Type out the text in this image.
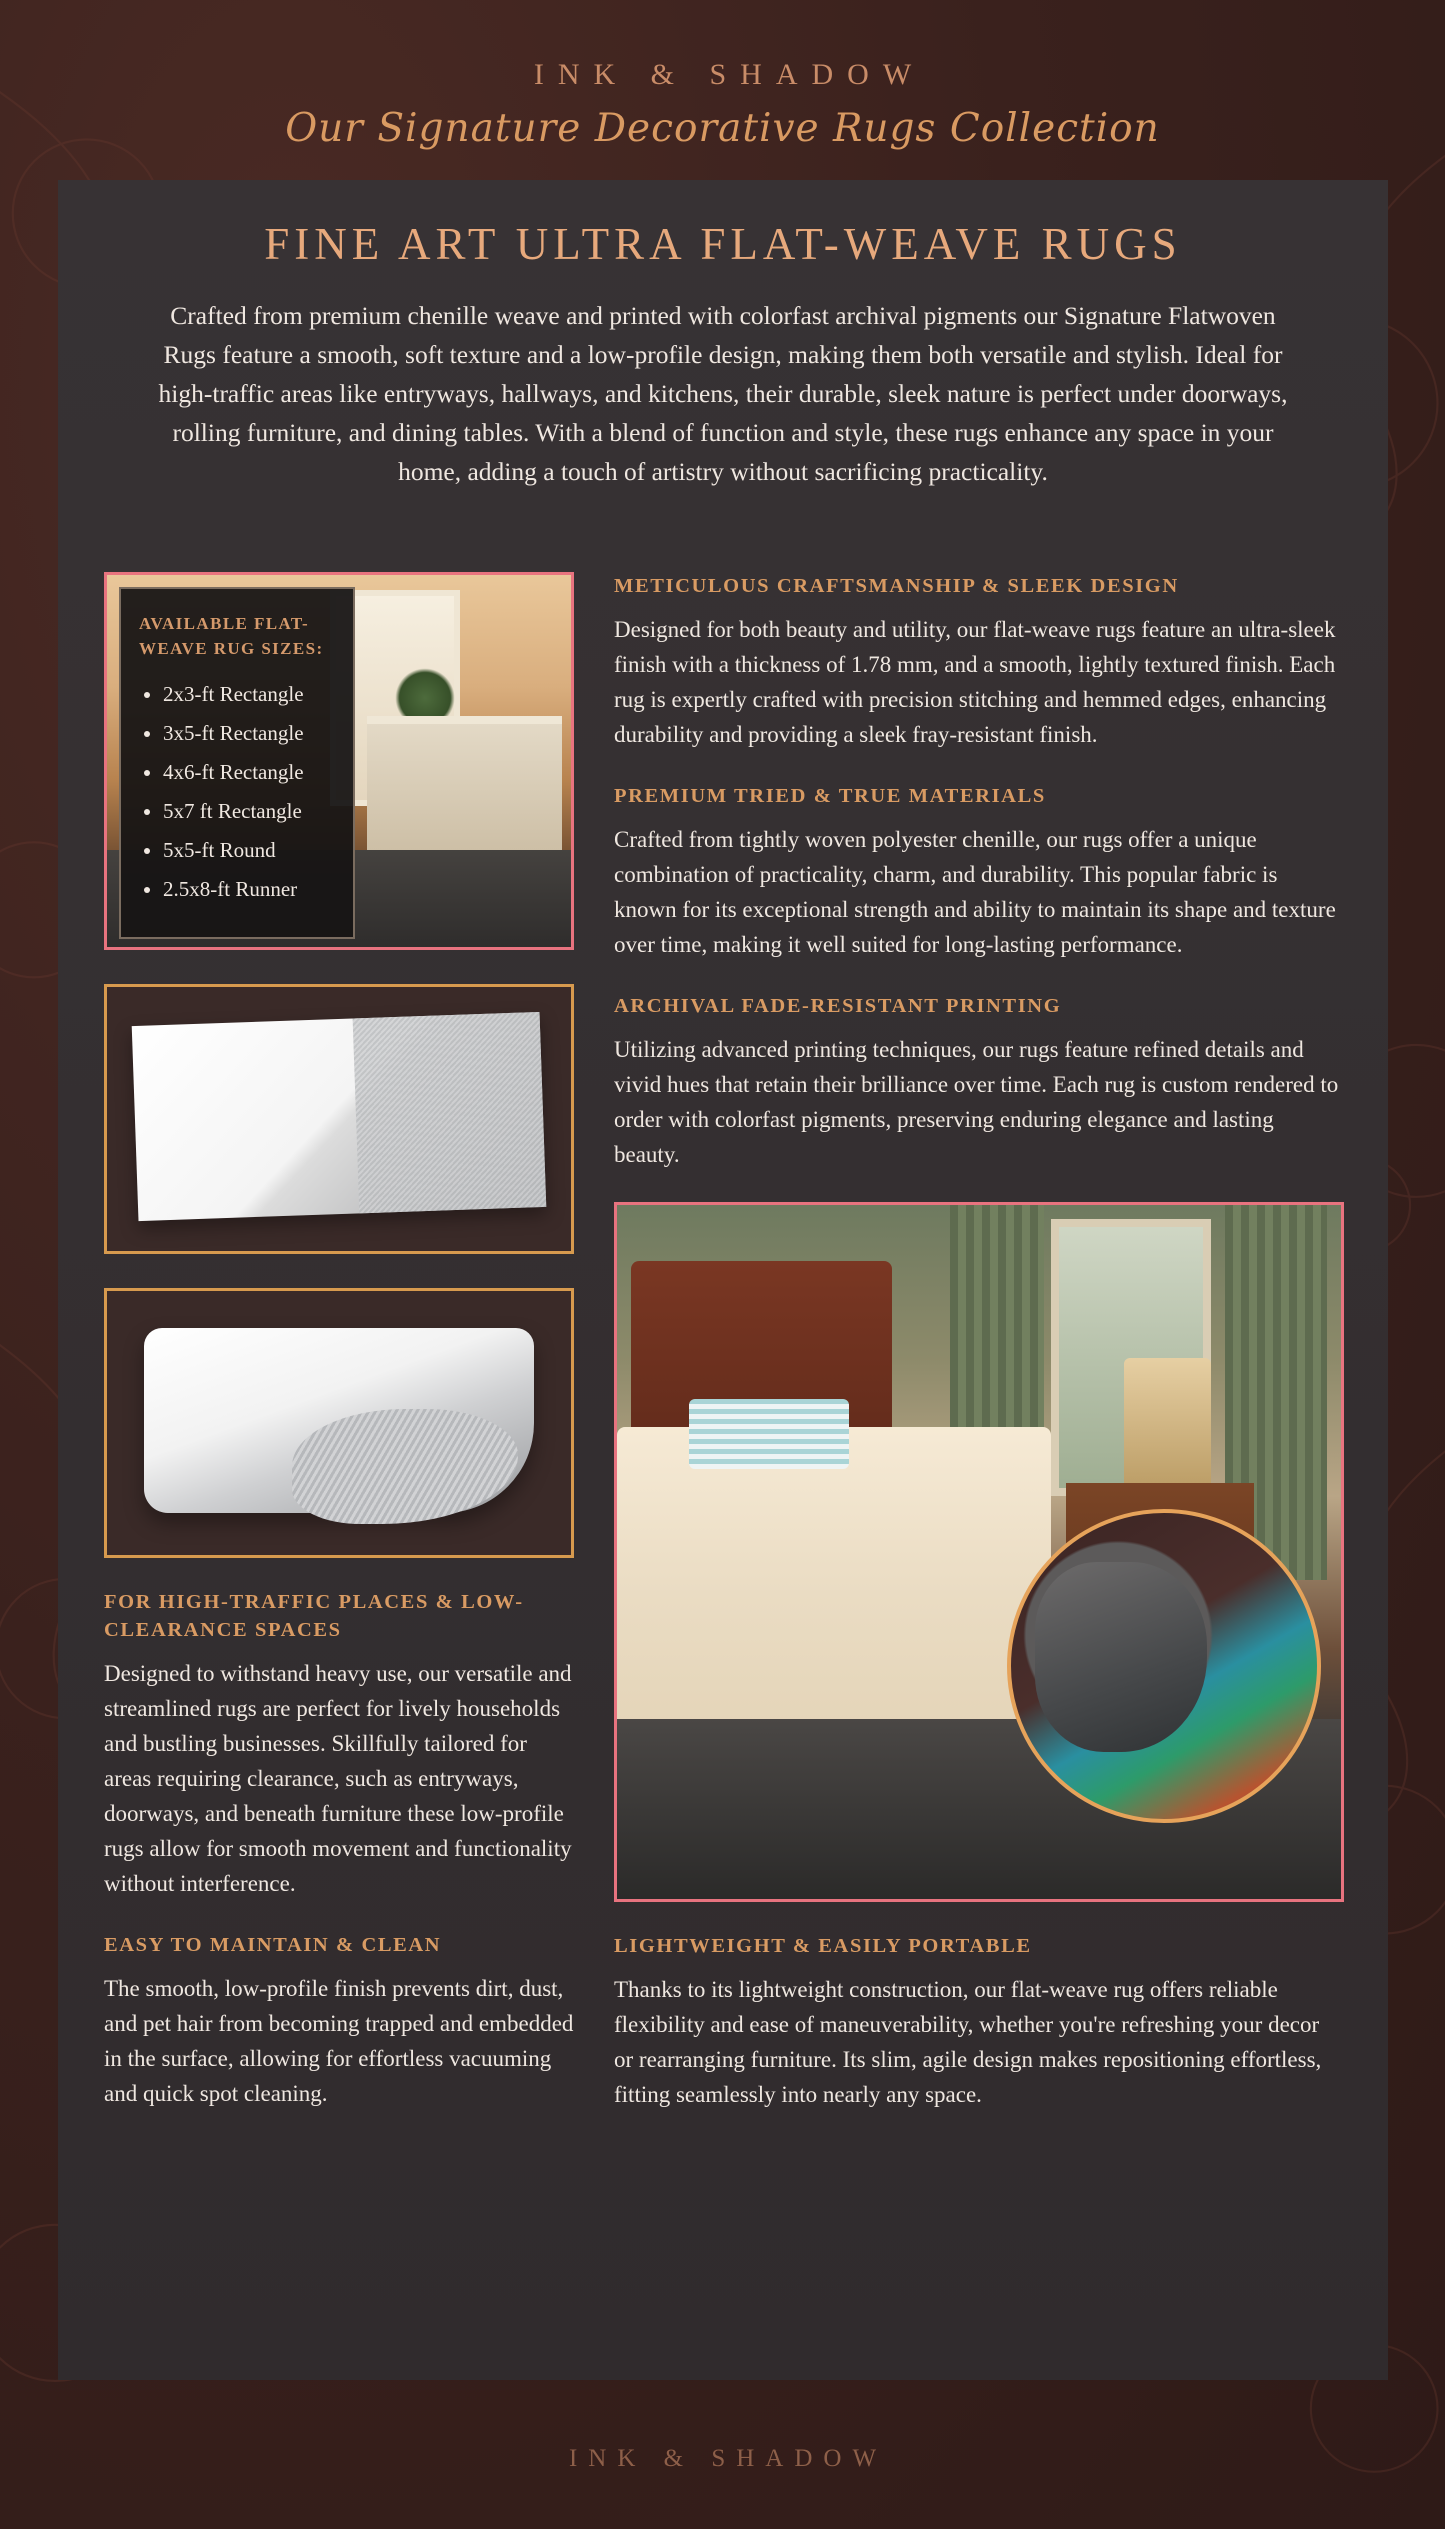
INK & SHADOW
Our Signature Decorative Rugs Collection
FINE ART ULTRA FLAT-WEAVE RUGS
Crafted from premium chenille weave and printed with colorfast archival pigments our Signature Flatwoven Rugs feature a smooth, soft texture and a low-profile design, making them both versatile and stylish. Ideal for high-traffic areas like entryways, hallways, and kitchens, their durable, sleek nature is perfect under doorways, rolling furniture, and dining tables. With a blend of function and style, these rugs enhance any space in your home, adding a touch of artistry without sacrificing practicality.
AVAILABLE FLAT-WEAVE RUG SIZES:
• 2x3-ft Rectangle
• 3x5-ft Rectangle
• 4x6-ft Rectangle
• 5x7 ft Rectangle
• 5x5-ft Round
• 2.5x8-ft Runner
FOR HIGH-TRAFFIC PLACES & LOW-CLEARANCE SPACES

Designed to withstand heavy use, our versatile and streamlined rugs are perfect for lively households and bustling businesses. Skillfully tailored for areas requiring clearance, such as entryways, doorways, and beneath furniture these low-profile rugs allow for smooth movement and functionality without interference.

EASY TO MAINTAIN & CLEAN

The smooth, low-profile finish prevents dirt, dust, and pet hair from becoming trapped and embedded in the surface, allowing for effortless vacuuming and quick spot cleaning.

METICULOUS CRAFTSMANSHIP & SLEEK DESIGN

Designed for both beauty and utility, our flat-weave rugs feature an ultra-sleek finish with a thickness of 1.78 mm, and a smooth, lightly textured finish. Each rug is expertly crafted with precision stitching and hemmed edges, enhancing durability and providing a sleek fray-resistant finish.

PREMIUM TRIED & TRUE MATERIALS

Crafted from tightly woven polyester chenille, our rugs offer a unique combination of practicality, charm, and durability. This popular fabric is known for its exceptional strength and ability to maintain its shape and texture over time, making it well suited for long-lasting performance.

ARCHIVAL FADE-RESISTANT PRINTING

Utilizing advanced printing techniques, our rugs feature refined details and vivid hues that retain their brilliance over time. Each rug is custom rendered to order with colorfast pigments, preserving enduring elegance and lasting beauty.

LIGHTWEIGHT & EASILY PORTABLE

Thanks to its lightweight construction, our flat-weave rug offers reliable flexibility and ease of maneuverability, whether you're refreshing your decor or rearranging furniture. Its slim, agile design makes repositioning effortless, fitting seamlessly into nearly any space.

INK & SHADOW
